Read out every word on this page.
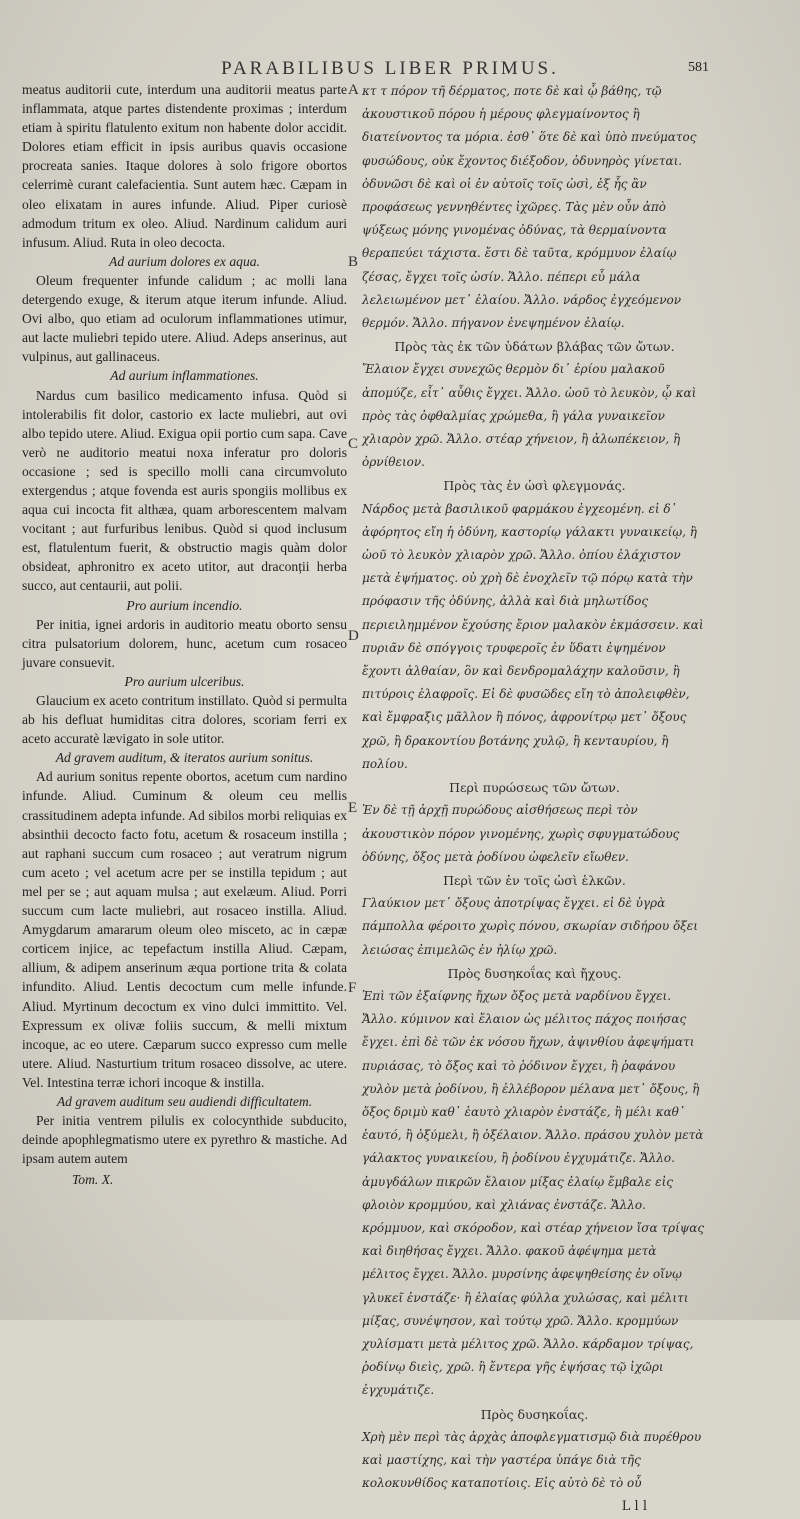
PARABILIBUS LIBER PRIMUS.	581

meatus auditorii cute, interdum una auditorii meatus parte inflammata, atque partes distendente proximas ; interdum etiam à spiritu flatulento exitum non habente dolor accidit. Dolores etiam efficit in ipsis auribus quavis occasione procreata sanies. Itaque dolores à solo frigore obortos celerrimè curant calefacientia. Sunt autem hæc. Cæpam in oleo elixatam in aures infunde. Aliud. Piper curiosè admodum tritum ex oleo. Aliud. Nardinum calidum auri infusum. Aliud. Ruta in oleo decocta.

Ad aurium dolores ex aqua.

Oleum frequenter infunde calidum ; ac molli lana detergendo exuge, & iterum atque iterum infunde. Aliud. Ovi albo, quo etiam ad oculorum inflammationes utimur, aut lacte muliebri tepido utere. Aliud. Adeps anserinus, aut vulpinus, aut gallinaceus.

Ad aurium inflammationes.

Nardus cum basilico medicamento infusa. Quòd si intolerabilis fit dolor, castorio ex lacte muliebri, aut ovi albo tepido utere. Aliud. Exigua opii portio cum sapa. Cave verò ne auditorio meatui noxa inferatur pro doloris occasione ; sed is specillo molli cana circumvoluto extergendus ; atque fovenda est auris spongiis mollibus ex aqua cui incocta fit althæa, quam arborescentem malvam vocitant ; aut furfuribus lenibus. Quòd si quod inclusum est, flatulentum fuerit, & obstructio magis quàm dolor obsideat, aphronitro ex aceto utitor, aut draconții herba succo, aut centaurii, aut polii.

Pro aurium incendio.

Per initia, ignei ardoris in auditorio meatu oborto sensu citra pulsatorium dolorem, hunc, acetum cum rosaceo juvare consuevit.

Pro aurium ulceribus.

Glaucium ex aceto contritum instillato. Quòd si permulta ab his defluat humiditas citra dolores, scoriam ferri ex aceto accuratè lævigato in sole utitor.

Ad gravem auditum, & iteratos aurium sonitus.

Ad aurium sonitus repente obortos, acetum cum nardino infunde. Aliud. Cuminum & oleum ceu mellis crassitudinem adepta infunde. Ad sibilos morbi reliquias ex absinthii decocto facto fotu, acetum & rosaceum instilla ; aut raphani succum cum rosaceo ; aut veratrum nigrum cum aceto ; vel acetum acre per se instilla tepidum ; aut mel per se ; aut aquam mulsa ; aut exelæum. Aliud. Porri succum cum lacte muliebri, aut rosaceo instilla. Aliud. Amygdarum amararum oleum oleo misceto, ac in cæpæ corticem injice, ac tepefactum instilla Aliud. Cæpam, allium, & adipem anserinum æqua portione trita & colata infundito. Aliud. Lentis decoctum cum melle infunde. Aliud. Myrtinum decoctum ex vino dulci immittito. Vel. Expressum ex olivæ foliis succum, & melli mixtum incoque, ac eo utere. Cæparum succo expresso cum melle utere. Aliud. Nasturtium tritum rosaceo dissolve, ac utere. Vel. Intestina terræ ichori incoque & instilla.

Ad gravem auditum seu audiendi difficultatem.

Per initia ventrem pilulis ex colocynthide subducito, deinde apophlegmatismo utere ex pyrethro & mastiche. Ad ipsam autem autem

Tom. X.

A
B
C
D
E
F

κτ τ πόρον τῆ δέρματος, ποτε δὲ καὶ ᾧ βάθης, τῷ ἀκουστικοῦ πόρου ἡ μέρους φλεγμαίνοντος ἢ διατείνοντος τα μόρια. ἐσθ᾿ ὅτε δὲ καὶ ὑπὸ πνεύματος φυσώδους, οὐκ ἔχοντος διέξοδον, ὀδυνηρὸς γίνεται. ὀδυνῶσι δὲ καὶ οἱ ἐν αὐτοῖς τοῖς ὠσὶ, ἐξ ἧς ἂν προφάσεως γεννηθέντες ἰχῶρες. Τὰς μὲν οὖν ἀπὸ ψύξεως μόνης γινομένας ὀδύνας, τὰ θερμαίνοντα θεραπεύει τάχιστα. ἔστι δὲ ταῦτα, κρόμμυον ἐλαίῳ ζέσας, ἔγχει τοῖς ὠσίν. Ἄλλο. πέπερι εὖ μάλα λελειωμένον μετ᾿ ἐλαίου. Ἄλλο. νάρδος ἐγχεόμενον θερμόν. Ἄλλο. πήγανον ἐνεψημένον ἐλαίῳ.

Πρὸς τὰς ἐκ τῶν ὑδάτων βλάβας τῶν ὤτων.

Ἔλαιον ἔγχει συνεχῶς θερμὸν δι᾿ ἐρίου μαλακοῦ ἀπομύζε, εἶτ᾿ αὖθις ἔγχει. Ἄλλο. ὠοῦ τὸ λευκὸν, ᾧ καὶ πρὸς τὰς ὀφθαλμίας χρώμεθα, ἢ γάλα γυναικεῖον χλιαρὸν χρῶ. Ἄλλο. στέαρ χήνειον, ἢ ἀλωπέκειον, ἢ ὀρνίθειον.

Πρὸς τὰς ἐν ὠσὶ φλεγμονάς.

Νάρδος μετὰ βασιλικοῦ φαρμάκου ἐγχεομένη. εἰ δ᾿ ἀφόρητος εἴη ἡ ὀδύνη, καστορίῳ γάλακτι γυναικείῳ, ἢ ὠοῦ τὸ λευκὸν χλιαρὸν χρῶ. Ἄλλο. ὀπίου ἐλάχιστον μετὰ ἑψήματος. οὐ χρὴ δὲ ἐνοχλεῖν τῷ πόρῳ κατὰ τὴν πρόφασιν τῆς ὀδύνης, ἀλλὰ καὶ διὰ μηλωτίδος περιειλημμένον ἔχούσης ἔριον μαλακὸν ἐκμάσσειν. καὶ πυριᾶν δὲ σπόγγοις τρυφεροῖς ἐν ὕδατι ἐψημένον ἔχοντι ἀλθαίαν, ὃν καὶ δενδρομαλάχην καλοῦσιν, ἢ πιτύροις ἐλαφροῖς. Εἰ δὲ φυσῶδες εἴη τὸ ἀπολειφθὲν, καὶ ἔμφραξις μᾶλλον ἢ πόνος, ἀφρονίτρῳ μετ᾿ ὄξους χρῶ, ἢ δρακοντίου βοτάνης χυλῷ, ἢ κενταυρίου, ἢ πολίου.

Περὶ πυρώσεως τῶν ὤτων.

Ἐν δὲ τῇ ἀρχῇ πυρώδους αἰσθήσεως περὶ τὸν ἀκουστικὸν πόρον γινομένης, χωρὶς σφυγματώδους ὀδύνης, ὄξος μετὰ ῥοδίνου ὠφελεῖν εἴωθεν.

Περὶ τῶν ἐν τοῖς ὠσὶ ἑλκῶν.

Γλαύκιον μετ᾿ ὄξους ἀποτρίψας ἔγχει. εἰ δὲ ὑγρὰ πάμπολλα φέροιτο χωρὶς πόνου, σκωρίαν σιδήρου ὄξει λειώσας ἐπιμελῶς ἐν ἡλίῳ χρῶ.

Πρὸς δυσηκοΐας καὶ ἤχους.

Ἐπὶ τῶν ἐξαίφνης ἤχων ὄξος μετὰ ναρδίνου ἔγχει. Ἄλλο. κύμινον καὶ ἔλαιον ὡς μέλιτος πάχος ποιήσας ἔγχει. ἐπὶ δὲ τῶν ἐκ νόσου ἤχων, ἀψινθίου ἀφεψήματι πυριάσας, τὸ ὄξος καὶ τὸ ῥόδινον ἔγχει, ἢ ῥαφάνου χυλὸν μετὰ ῥοδίνου, ἢ ἐλλέβορον μέλανα μετ᾿ ὄξους, ἢ ὄξος δριμὺ καθ᾿ ἑαυτὸ χλιαρὸν ἐνστάζε, ἢ μέλι καθ᾿ ἑαυτό, ἢ ὀξύμελι, ἢ ὀξέλαιον. Ἄλλο. πράσου χυλὸν μετὰ γάλακτος γυναικείου, ἢ ῥοδίνου ἐγχυμάτιζε. Ἄλλο. ἀμυγδάλων πικρῶν ἔλαιον μίξας ἐλαίῳ ἔμβαλε εἰς φλοιὸν κρομμύου, καὶ χλιάνας ἐνστάζε. Ἄλλο. κρόμμυον, καὶ σκόροδον, καὶ στέαρ χήνειον ἴσα τρίψας καὶ διηθήσας ἔγχει. Ἄλλο. φακοῦ ἀφέψημα μετὰ μέλιτος ἔγχει. Ἄλλο. μυρσίνης ἀφεψηθείσης ἐν οἴνῳ γλυκεῖ ἐνστάζε· ἢ ἐλαίας φύλλα χυλώσας, καὶ μέλιτι μίξας, συνέψησον, καὶ τούτῳ χρῶ. Ἄλλο. κρομμύων χυλίσματι μετὰ μέλιτος χρῶ. Ἄλλο. κάρδαμον τρίψας, ῥοδίνῳ διεὶς, χρῶ. ἢ ἔντερα γῆς ἑψήσας τῷ ἰχῶρι ἐγχυμάτιζε.

Πρὸς δυσηκοΐας.

Χρὴ μὲν περὶ τὰς ἀρχὰς ἀποφλεγματισμῷ διὰ πυρέθρου καὶ μαστίχης, καὶ τὴν γαστέρα ὑπάγε διὰ τῆς κολοκυνθίδος καταποτίοις. Εἰς αὐτὸ δὲ τὸ οὖ

L l l
